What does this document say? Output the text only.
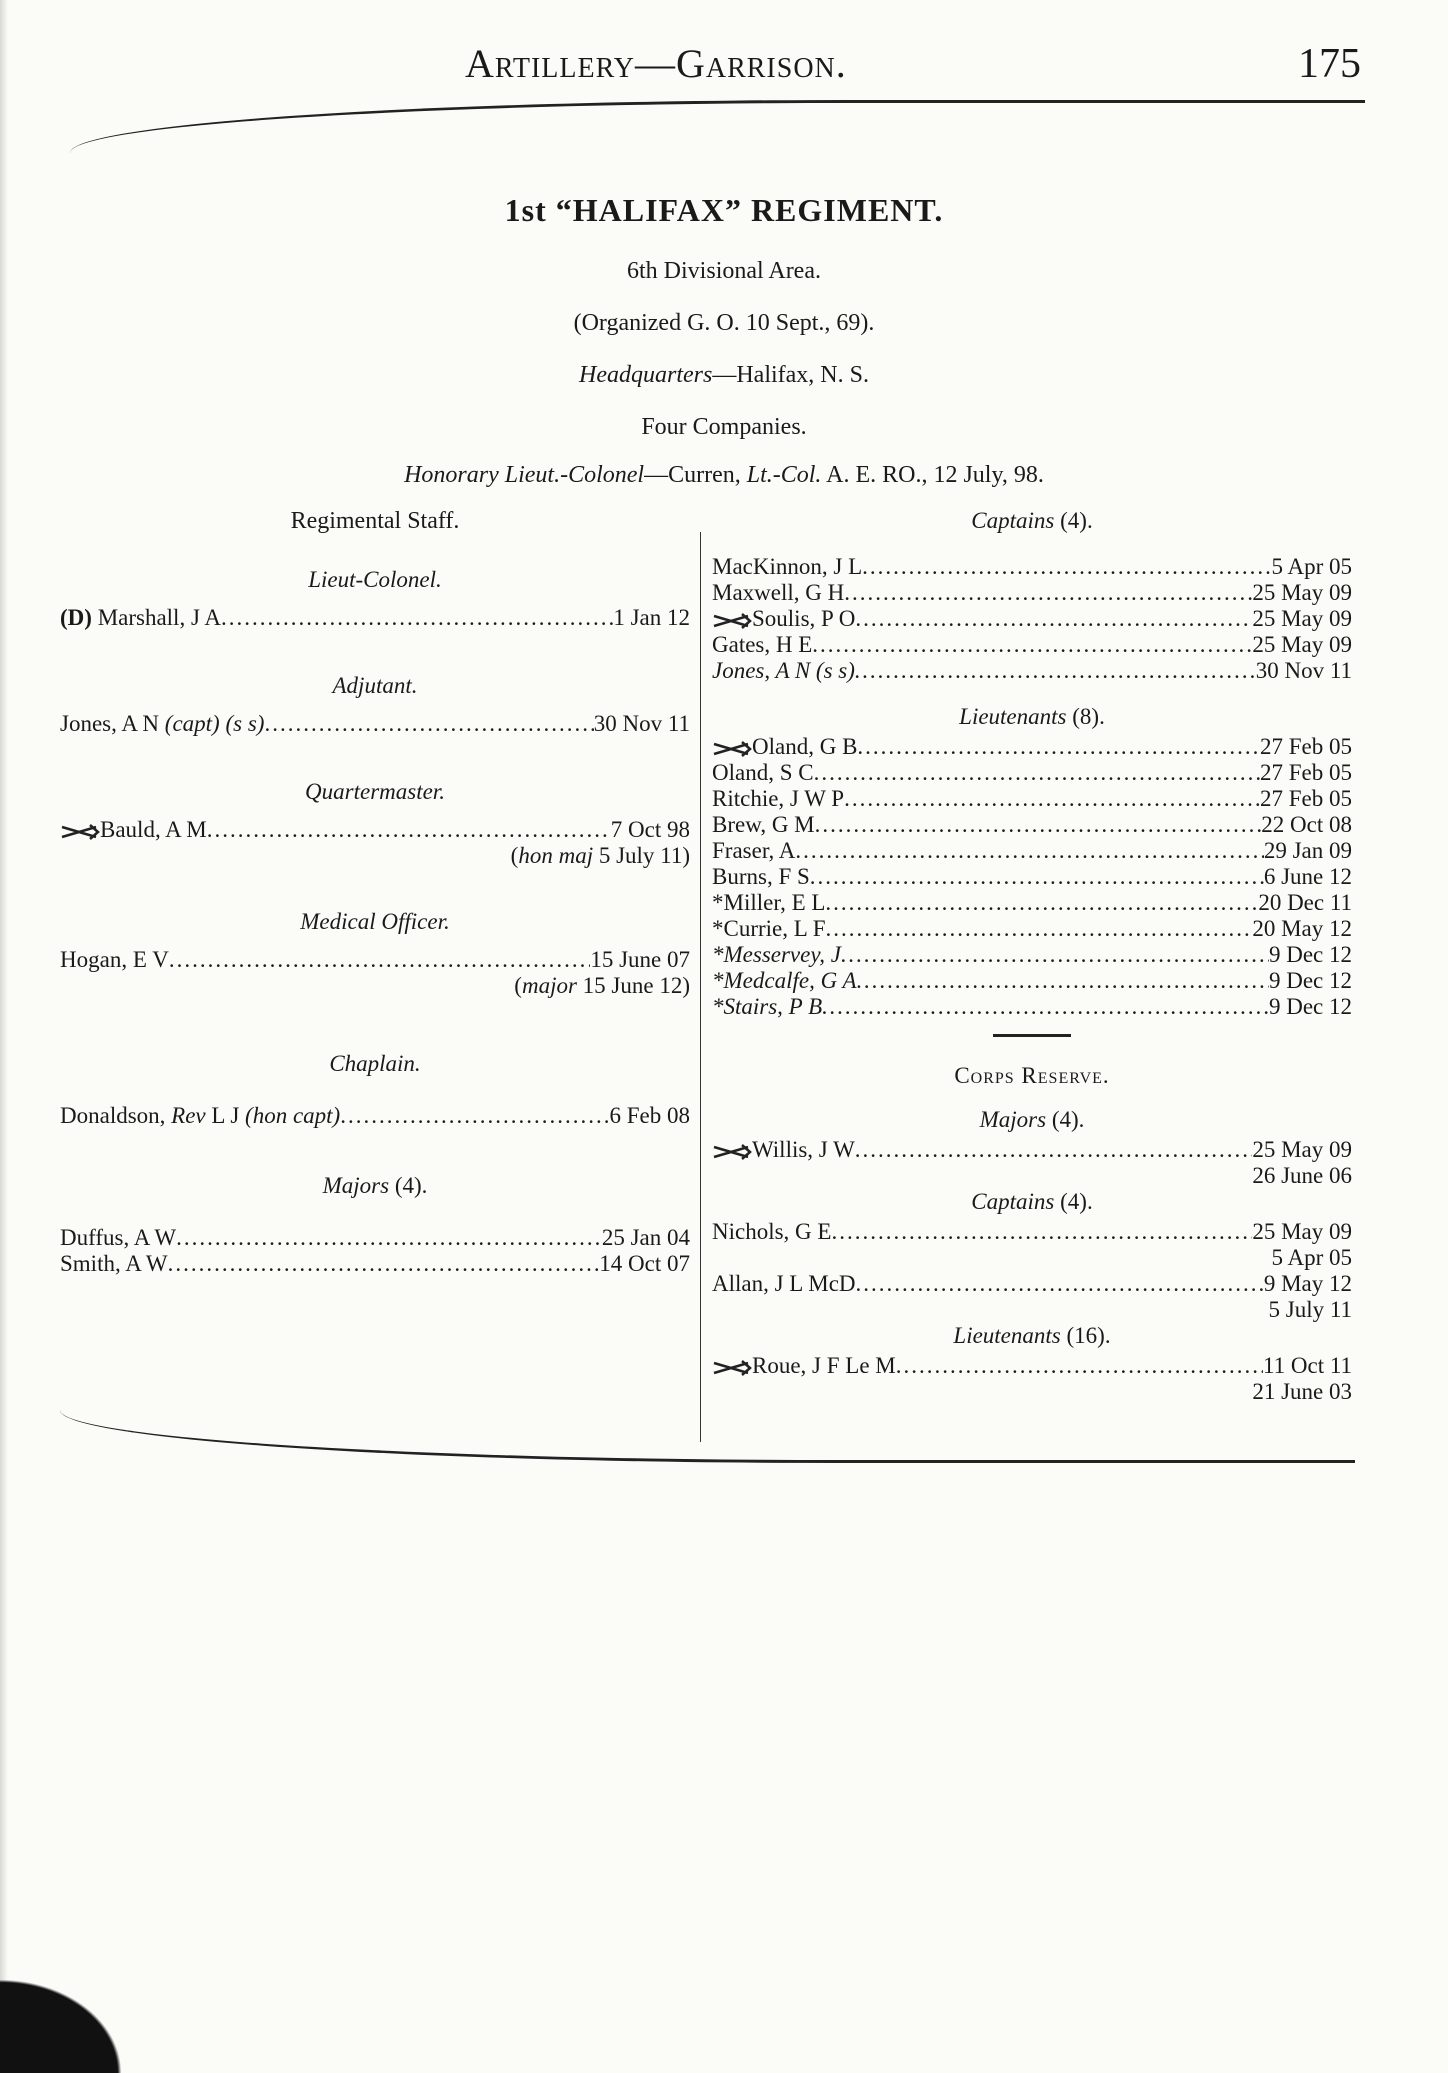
Artillery—Garrison.	175
1st “HALIFAX” REGIMENT.
6th Divisional Area.
(Organized G. O. 10 Sept., 69).
Headquarters—Halifax, N. S.
Four Companies.
Honorary Lieut.-Colonel—Curren, Lt.-Col. A. E. RO., 12 July, 98.
Regimental Staff.
Lieut-Colonel.
(D) Marshall, J A .....	1 Jan 12
Adjutant.
Jones, A N (capt) (s s) .....	30 Nov 11
Quartermaster.
Bauld, A M .....	7 Oct 98
(hon maj 5 July 11)
Medical Officer.
Hogan, E V .....	15 June 07
(major 15 June 12)
Chaplain.
Donaldson, Rev L J (hon capt) .....	6 Feb 08
Majors (4).
Duffus, A W .....	25 Jan 04
Smith, A W .....	14 Oct 07
Captains (4).
MacKinnon, J L .....	5 Apr 05
Maxwell, G H .....	25 May 09
Soulis, P O .....	25 May 09
Gates, H E .....	25 May 09
Jones, A N (s s) .....	30 Nov 11
Lieutenants (8).
Oland, G B .....	27 Feb 05
Oland, S C .....	27 Feb 05
Ritchie, J W P .....	27 Feb 05
Brew, G M .....	22 Oct 08
Fraser, A .....	29 Jan 09
Burns, F S .....	6 June 12
*Miller, E L .....	20 Dec 11
*Currie, L F .....	20 May 12
*Messervey, J .....	9 Dec 12
*Medcalfe, G A .....	9 Dec 12
*Stairs, P B .....	9 Dec 12
Corps Reserve.
Majors (4).
Willis, J W .....	25 May 09
26 June 06
Captains (4).
Nichols, G E .....	25 May 09
5 Apr 05
Allan, J L McD .....	9 May 12
5 July 11
Lieutenants (16).
Roue, J F Le M .....	11 Oct 11
21 June 03
